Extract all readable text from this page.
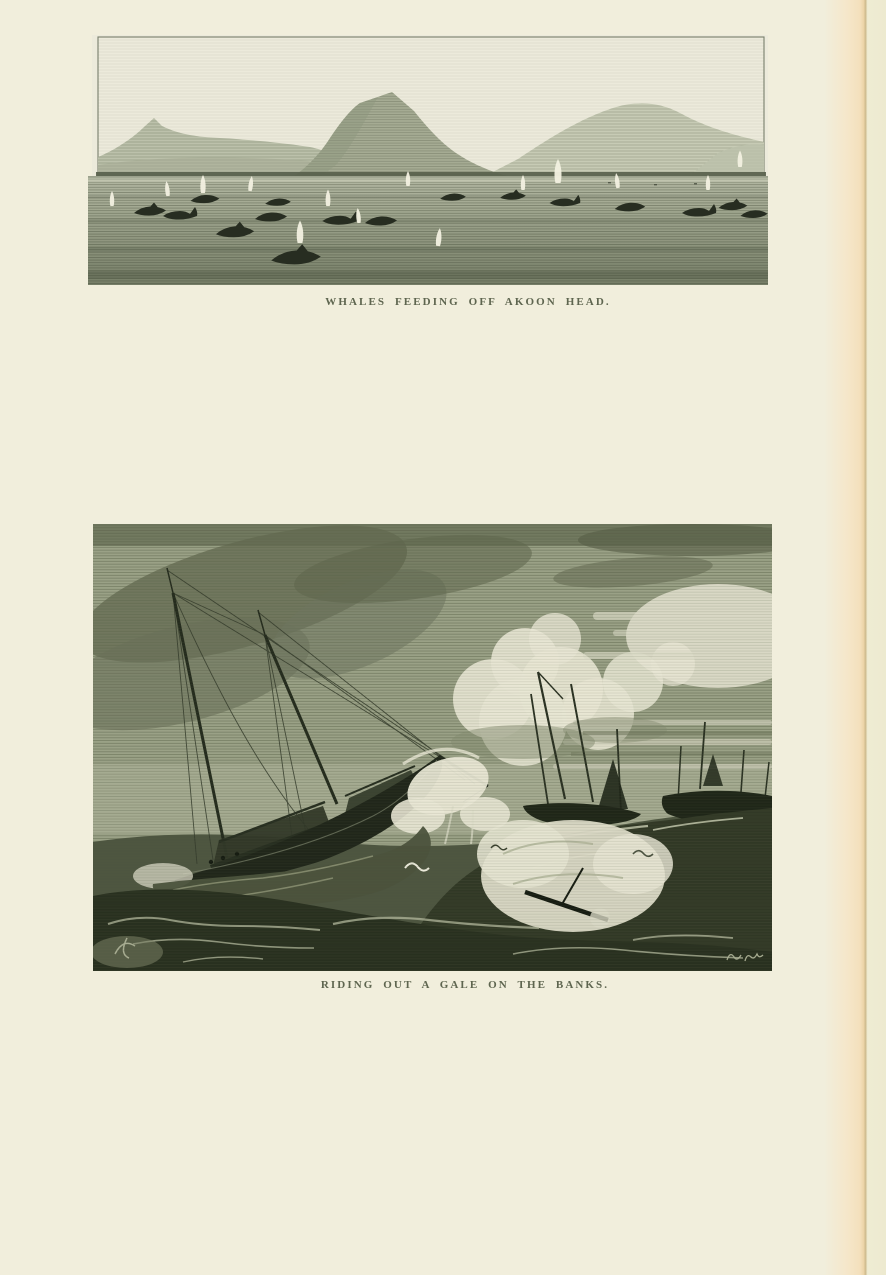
WHALES FEEDING OFF AKOON HEAD.
RIDING OUT A GALE ON THE BANKS.
